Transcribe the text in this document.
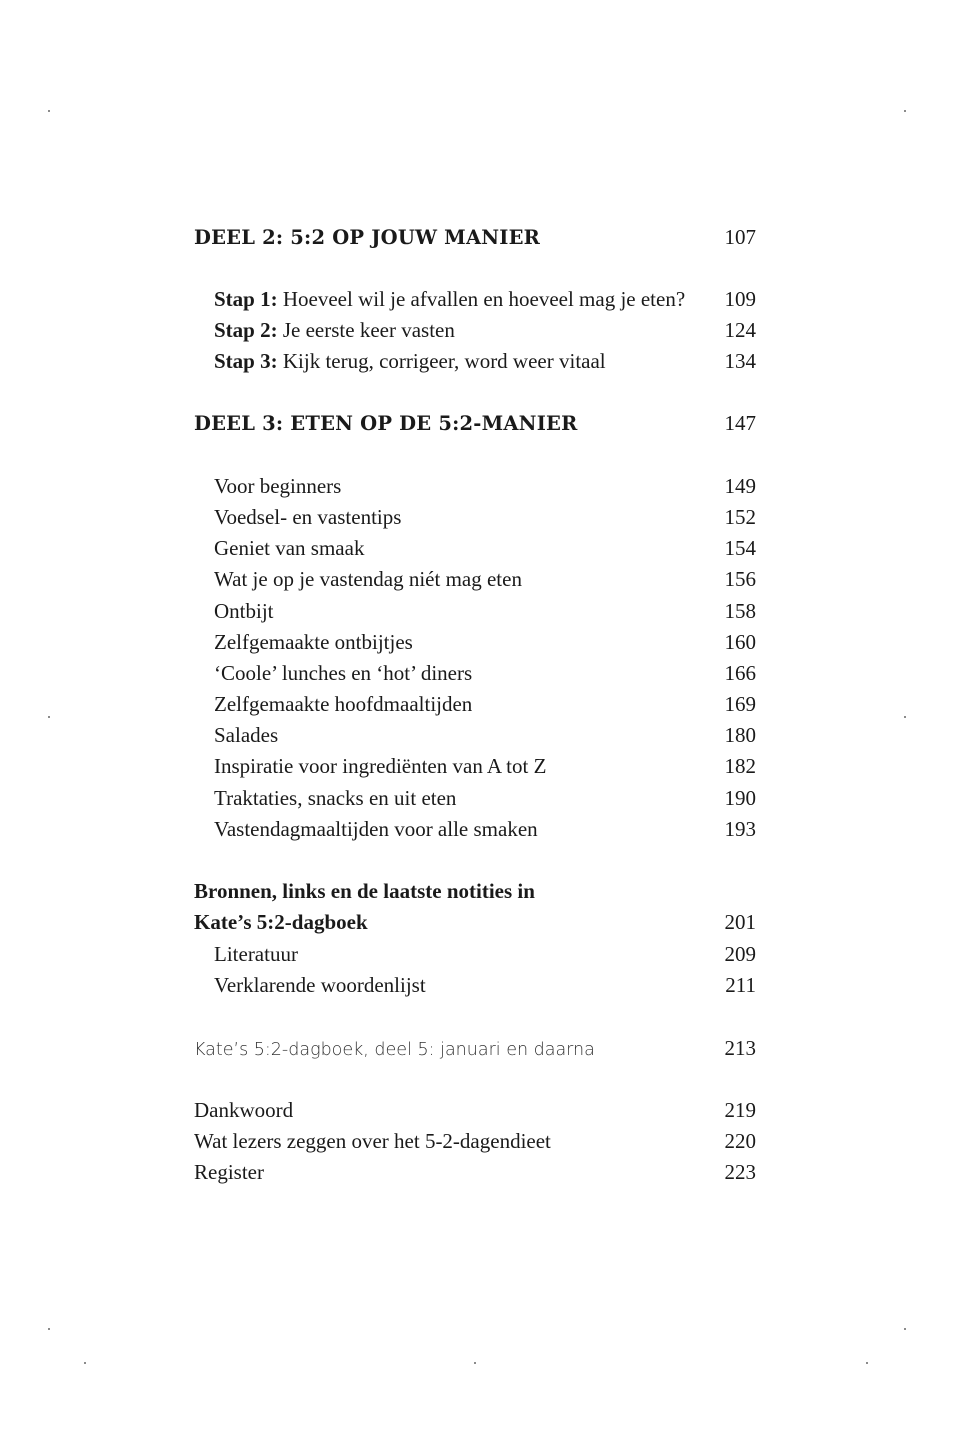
DEEL 2: 5:2 OP JOUW MANIER	107
Stap 1: Hoeveel wil je afvallen en hoeveel mag je eten? 109
Stap 2: Je eerste keer vasten	124
Stap 3: Kijk terug, corrigeer, word weer vitaal	134
DEEL 3: ETEN OP DE 5:2-MANIER	147
Voor beginners	149
Voedsel- en vastentips	152
Geniet van smaak	154
Wat je op je vastendag niét mag eten	156
Ontbijt	158
Zelfgemaakte ontbijtjes	160
‘Coole’ lunches en ‘hot’ diners	166
Zelfgemaakte hoofdmaaltijden	169
Salades	180
Inspiratie voor ingrediënten van A tot Z	182
Traktaties, snacks en uit eten	190
Vastendagmaaltijden voor alle smaken	193
Bronnen, links en de laatste notities in
Kate’s 5:2-dagboek	201
Literatuur	209
Verklarende woordenlijst	211
Kate’s 5:2-dagboek, deel 5: januari en daarna	213
Dankwoord	219
Wat lezers zeggen over het 5-2-dagendieet	220
Register	223
